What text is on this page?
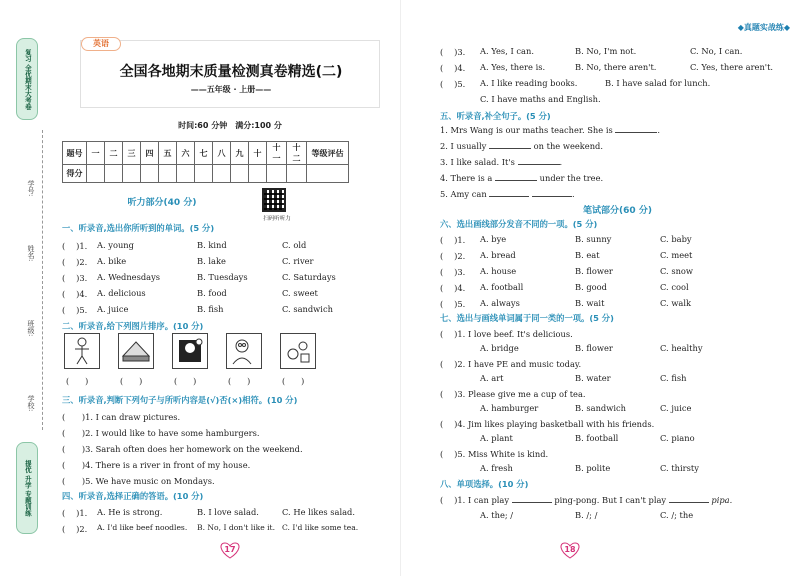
复习 全优期末大考卷
学号:
姓名:
班级:
学校:
提优 升学 专题训练
英语
全国各地期末质量检测真卷精选(二)
——五年级 · 上册——
时间:60 分钟　满分:100 分
题号	一	二	三	四	五	六	七	八	九	十	十一	十二	等级评估
得分													
听力部分(40 分)
扫码听听力
一、听录音,选出你所听到的单词。(5 分)
( 　)1. A. young	B. kind	C. old
( 　)2. A. bike	B. lake	C. river
( 　)3. A. Wednesdays	B. Tuesdays	C. Saturdays
( 　)4. A. delicious	B. food	C. sweet
( 　)5. A. juice	B. fish	C. sandwich
二、听录音,给下列图片排序。(10 分)
(　　)	(　　)	(　　)	(　　)	(　　)
三、听录音,判断下列句子与所听内容是(√)否(×)相符。(10 分)
(　　)1. I can draw pictures.
(　　)2. I would like to have some hamburgers.
(　　)3. Sarah often does her homework on the weekend.
(　　)4. There is a river in front of my house.
(　　)5. We have music on Mondays.
四、听录音,选择正确的答语。(10 分)
( 　)1. A. He is strong.	B. I love salad.	C. He likes salad.
( 　)2. A. I'd like beef noodles. B. No, I don't like it. C. I'd like some tea.
17
◆真题实战练◆
( 　)3. A. Yes, I can.	B. No, I'm not.	C. No, I can.
( 　)4. A. Yes, there is.	B. No, there aren't.	C. Yes, there aren't.
( 　)5. A. I like reading books.	B. I have salad for lunch.
C. I have maths and English.
五、听录音,补全句子。(5 分)
1. Mrs Wang is our maths teacher. She is	.
2. I usually	on the weekend.
3. I like salad. It's	.
4. There is a	under the tree.
5. Amy can	.
笔试部分(60 分)
六、选出画线部分发音不同的一项。(5 分)
( 　)1. A. bye	B. sunny	C. baby
( 　)2. A. bread	B. eat	C. meet
( 　)3. A. house	B. flower	C. snow
( 　)4. A. football	B. good	C. cool
( 　)5. A. always	B. wait	C. walk
七、选出与画线单词属于同一类的一项。(5 分)
( 　)1. I love beef. It's delicious.
A. bridge	B. flower	C. healthy
( 　)2. I have PE and music today.
A. art	B. water	C. fish
( 　)3. Please give me a cup of tea.
A. hamburger	B. sandwich	C. juice
( 　)4. Jim likes playing basketball with his friends.
A. plant	B. football	C. piano
( 　)5. Miss White is kind.
A. fresh	B. polite	C. thirsty
八、单项选择。(10 分)
( 　)1. I can play	ping-pong. But I can't play	pipa.
A. the; /	B. /; /	C. /; the
18
